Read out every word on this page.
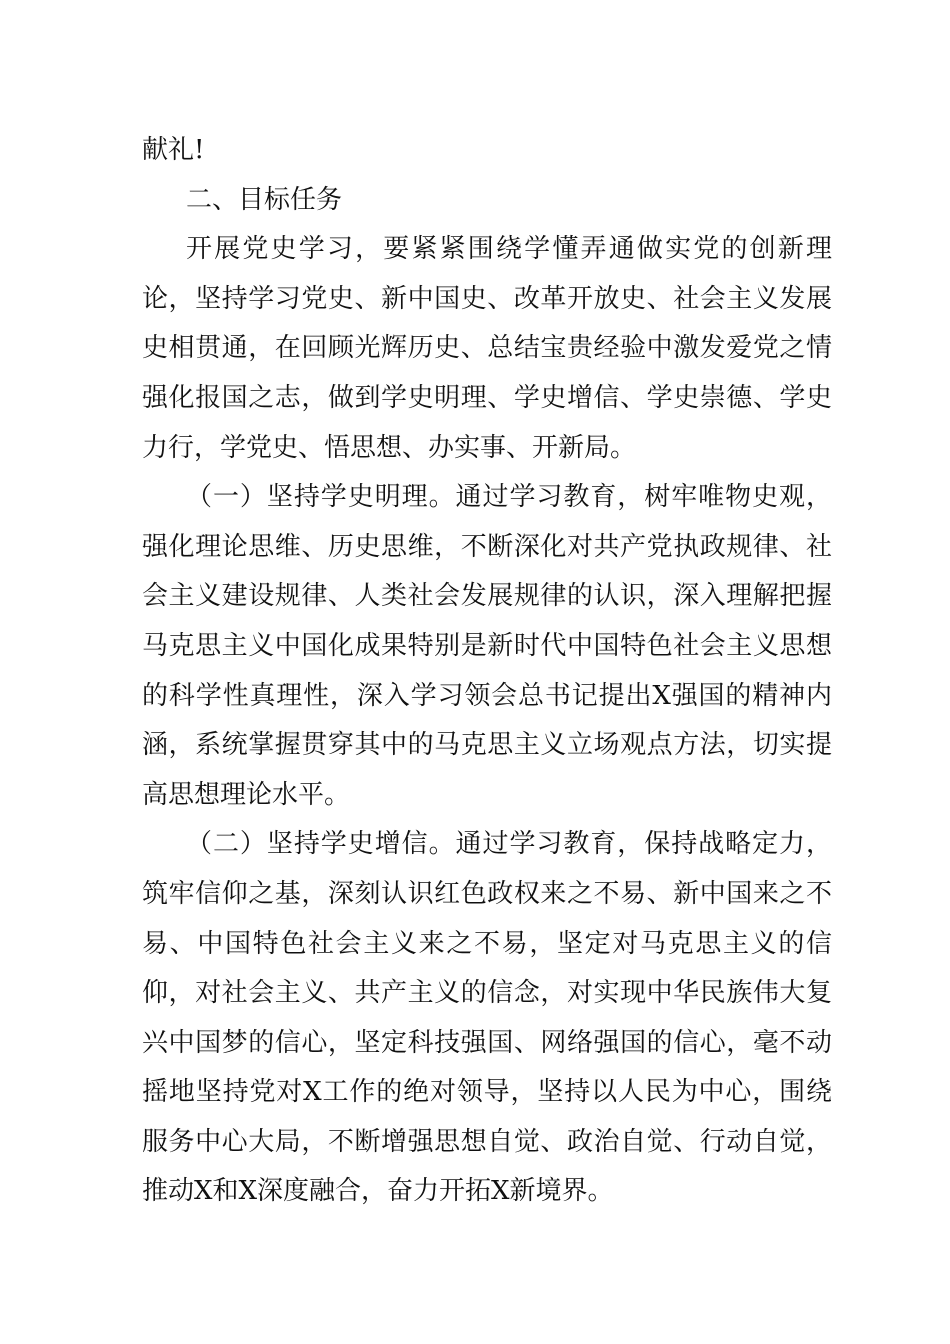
献礼!

二、目标任务

开展党史学习，要紧紧围绕学懂弄通做实党的创新理论，坚持学习党史、新中国史、改革开放史、社会主义发展史相贯通，在回顾光辉历史、总结宝贵经验中激发爱党之情强化报国之志，做到学史明理、学史增信、学史崇德、学史力行，学党史、悟思想、办实事、开新局。

（一）坚持学史明理。通过学习教育，树牢唯物史观，强化理论思维、历史思维，不断深化对共产党执政规律、社会主义建设规律、人类社会发展规律的认识，深入理解把握马克思主义中国化成果特别是新时代中国特色社会主义思想的科学性真理性，深入学习领会总书记提出X强国的精神内涵，系统掌握贯穿其中的马克思主义立场观点方法，切实提高思想理论水平。

（二）坚持学史增信。通过学习教育，保持战略定力，筑牢信仰之基，深刻认识红色政权来之不易、新中国来之不易、中国特色社会主义来之不易，坚定对马克思主义的信仰，对社会主义、共产主义的信念，对实现中华民族伟大复兴中国梦的信心，坚定科技强国、网络强国的信心，毫不动摇地坚持党对X工作的绝对领导，坚持以人民为中心，围绕服务中心大局，不断增强思想自觉、政治自觉、行动自觉，推动X和X深度融合，奋力开拓X新境界。
